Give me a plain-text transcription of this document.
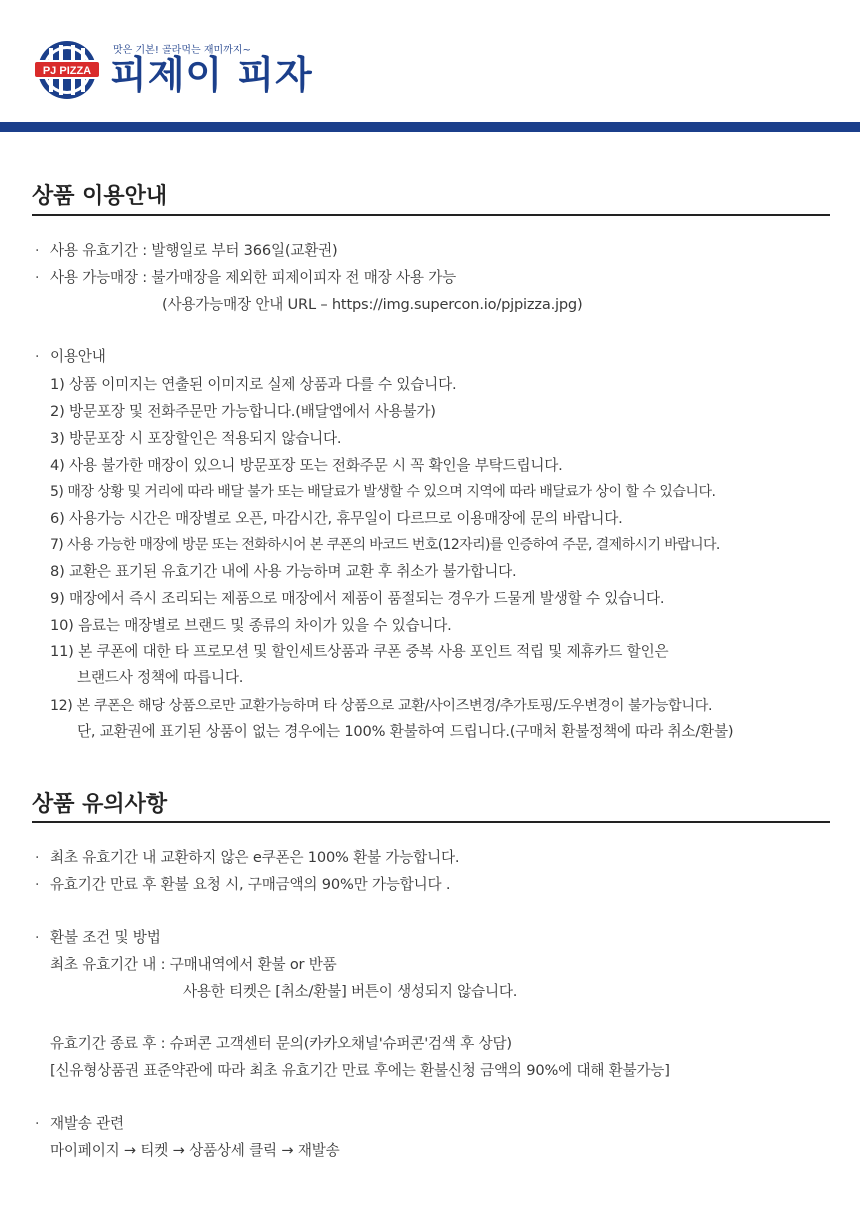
PJ PIZZA
맛은 기본! 골라먹는 재미까지~
피제이 피자
상품 이용안내
· 사용 유효기간 : 발행일로 부터 366일(교환권)
· 사용 가능매장 : 불가매장을 제외한 피제이피자 전 매장 사용 가능
(사용가능매장 안내 URL – https://img.supercon.io/pjpizza.jpg)
· 이용안내
1) 상품 이미지는 연출된 이미지로 실제 상품과 다를 수 있습니다.
2) 방문포장 및 전화주문만 가능합니다.(배달앱에서 사용불가)
3) 방문포장 시 포장할인은 적용되지 않습니다.
4) 사용 불가한 매장이 있으니 방문포장 또는 전화주문 시 꼭 확인을 부탁드립니다.
5) 매장 상황 및 거리에 따라 배달 불가 또는 배달료가 발생할 수 있으며 지역에 따라 배달료가 상이 할 수 있습니다.
6) 사용가능 시간은 매장별로 오픈, 마감시간, 휴무일이 다르므로 이용매장에 문의 바랍니다.
7) 사용 가능한 매장에 방문 또는 전화하시어 본 쿠폰의 바코드 번호(12자리)를 인증하여 주문, 결제하시기 바랍니다.
8) 교환은 표기된 유효기간 내에 사용 가능하며 교환 후 취소가 불가합니다.
9) 매장에서 즉시 조리되는 제품으로 매장에서 제품이 품절되는 경우가 드물게 발생할 수 있습니다.
10) 음료는 매장별로 브랜드 및 종류의 차이가 있을 수 있습니다.
11) 본 쿠폰에 대한 타 프로모션 및 할인세트상품과 쿠폰 중복 사용 포인트 적립 및 제휴카드 할인은
브랜드사 정책에 따릅니다.
12) 본 쿠폰은 해당 상품으로만 교환가능하며 타 상품으로 교환/사이즈변경/추가토핑/도우변경이 불가능합니다.
단, 교환권에 표기된 상품이 없는 경우에는 100% 환불하여 드립니다.(구매처 환불정책에 따라 취소/환불)
상품 유의사항
· 최초 유효기간 내 교환하지 않은 e쿠폰은 100% 환불 가능합니다.
· 유효기간 만료 후 환불 요청 시, 구매금액의 90%만 가능합니다 .
· 환불 조건 및 방법
최초 유효기간 내 : 구매내역에서 환불 or 반품
사용한 티켓은 [취소/환불] 버튼이 생성되지 않습니다.
유효기간 종료 후 : 슈퍼콘 고객센터 문의(카카오채널'슈퍼콘'검색 후 상담)
[신유형상품권 표준약관에 따라 최초 유효기간 만료 후에는 환불신청 금액의 90%에 대해 환불가능]
· 재발송 관련
마이페이지 → 티켓 → 상품상세 클릭 → 재발송
